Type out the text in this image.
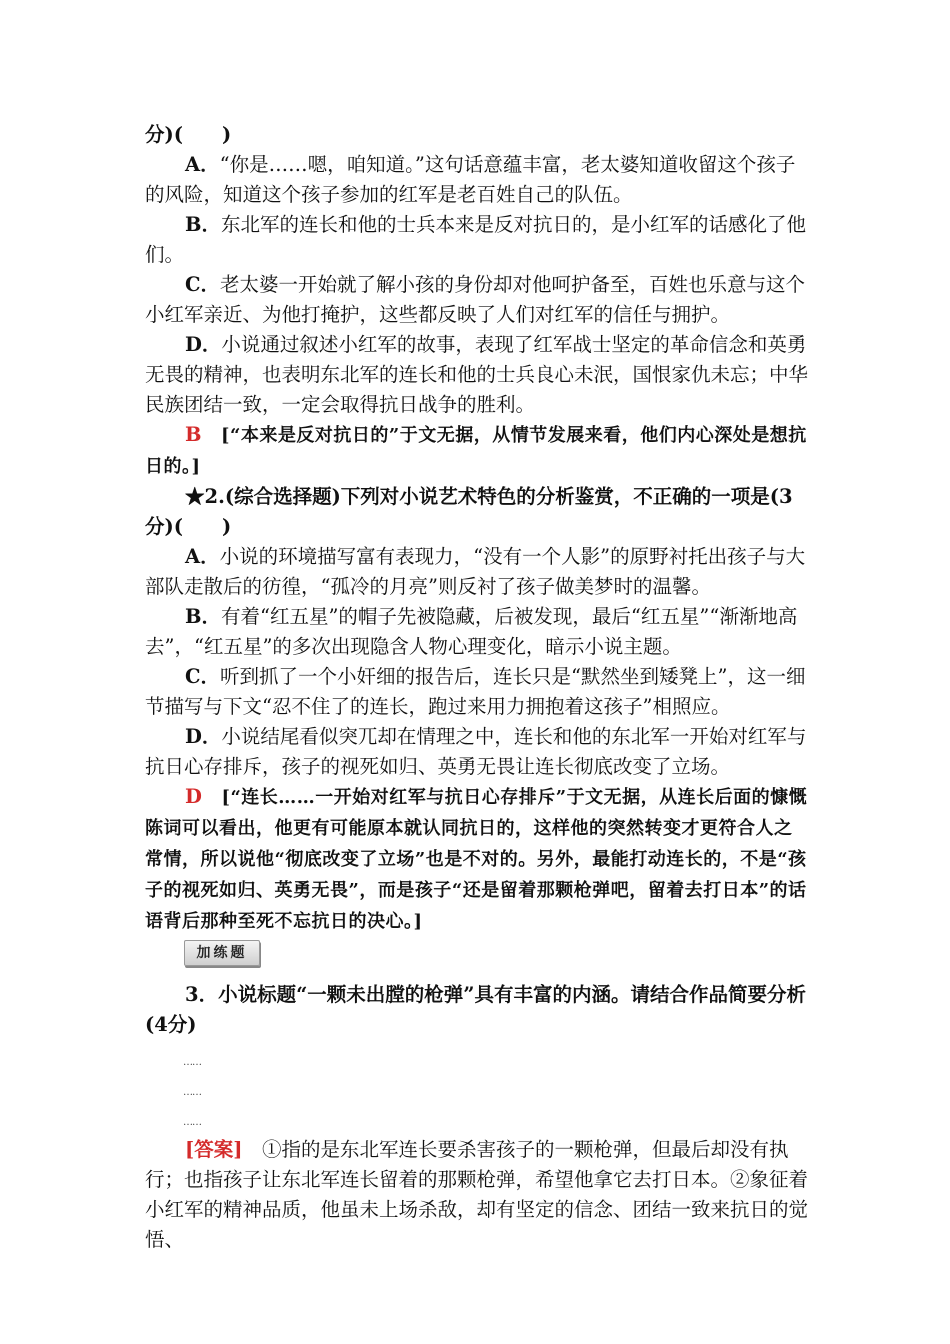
分)(　　)

A．“你是……嗯，咱知道。”这句话意蕴丰富，老太婆知道收留这个孩子的风险，知道这个孩子参加的红军是老百姓自己的队伍。

B．东北军的连长和他的士兵本来是反对抗日的，是小红军的话感化了他们。

C．老太婆一开始就了解小孩的身份却对他呵护备至，百姓也乐意与这个小红军亲近、为他打掩护，这些都反映了人们对红军的信任与拥护。

D．小说通过叙述小红军的故事，表现了红军战士坚定的革命信念和英勇无畏的精神，也表明东北军的连长和他的士兵良心未泯，国恨家仇未忘；中华民族团结一致，一定会取得抗日战争的胜利。

B　 [“本来是反对抗日的”于文无据，从情节发展来看，他们内心深处是想抗日的。]

★2.(综合选择题)下列对小说艺术特色的分析鉴赏，不正确的一项是(3分)(　　)

A．小说的环境描写富有表现力，“没有一个人影”的原野衬托出孩子与大部队走散后的彷徨，“孤冷的月亮”则反衬了孩子做美梦时的温馨。

B．有着“红五星”的帽子先被隐藏，后被发现，最后“红五星”“渐渐地高去”，“红五星”的多次出现隐含人物心理变化，暗示小说主题。

C．听到抓了一个小奸细的报告后，连长只是“默然坐到矮凳上”，这一细节描写与下文“忍不住了的连长，跑过来用力拥抱着这孩子”相照应。

D．小说结尾看似突兀却在情理之中，连长和他的东北军一开始对红军与抗日心存排斥，孩子的视死如归、英勇无畏让连长彻底改变了立场。

D　 [“连长……一开始对红军与抗日心存排斥”于文无据，从连长后面的慷慨陈词可以看出，他更有可能原本就认同抗日的，这样他的突然转变才更符合人之常情，所以说他“彻底改变了立场”也是不对的。另外，最能打动连长的，不是“孩子的视死如归、英勇无畏”，而是孩子“还是留着那颗枪弹吧，留着去打日本”的话语背后那种至死不忘抗日的决心。]

加练题

3．小说标题“一颗未出膛的枪弹”具有丰富的内涵。请结合作品简要分析(4分)

……
……
……

[答案]　 ①指的是东北军连长要杀害孩子的一颗枪弹，但最后却没有执行；也指孩子让东北军连长留着的那颗枪弹，希望他拿它去打日本。②象征着小红军的精神品质，他虽未上场杀敌，却有坚定的信念、团结一致来抗日的觉悟、
